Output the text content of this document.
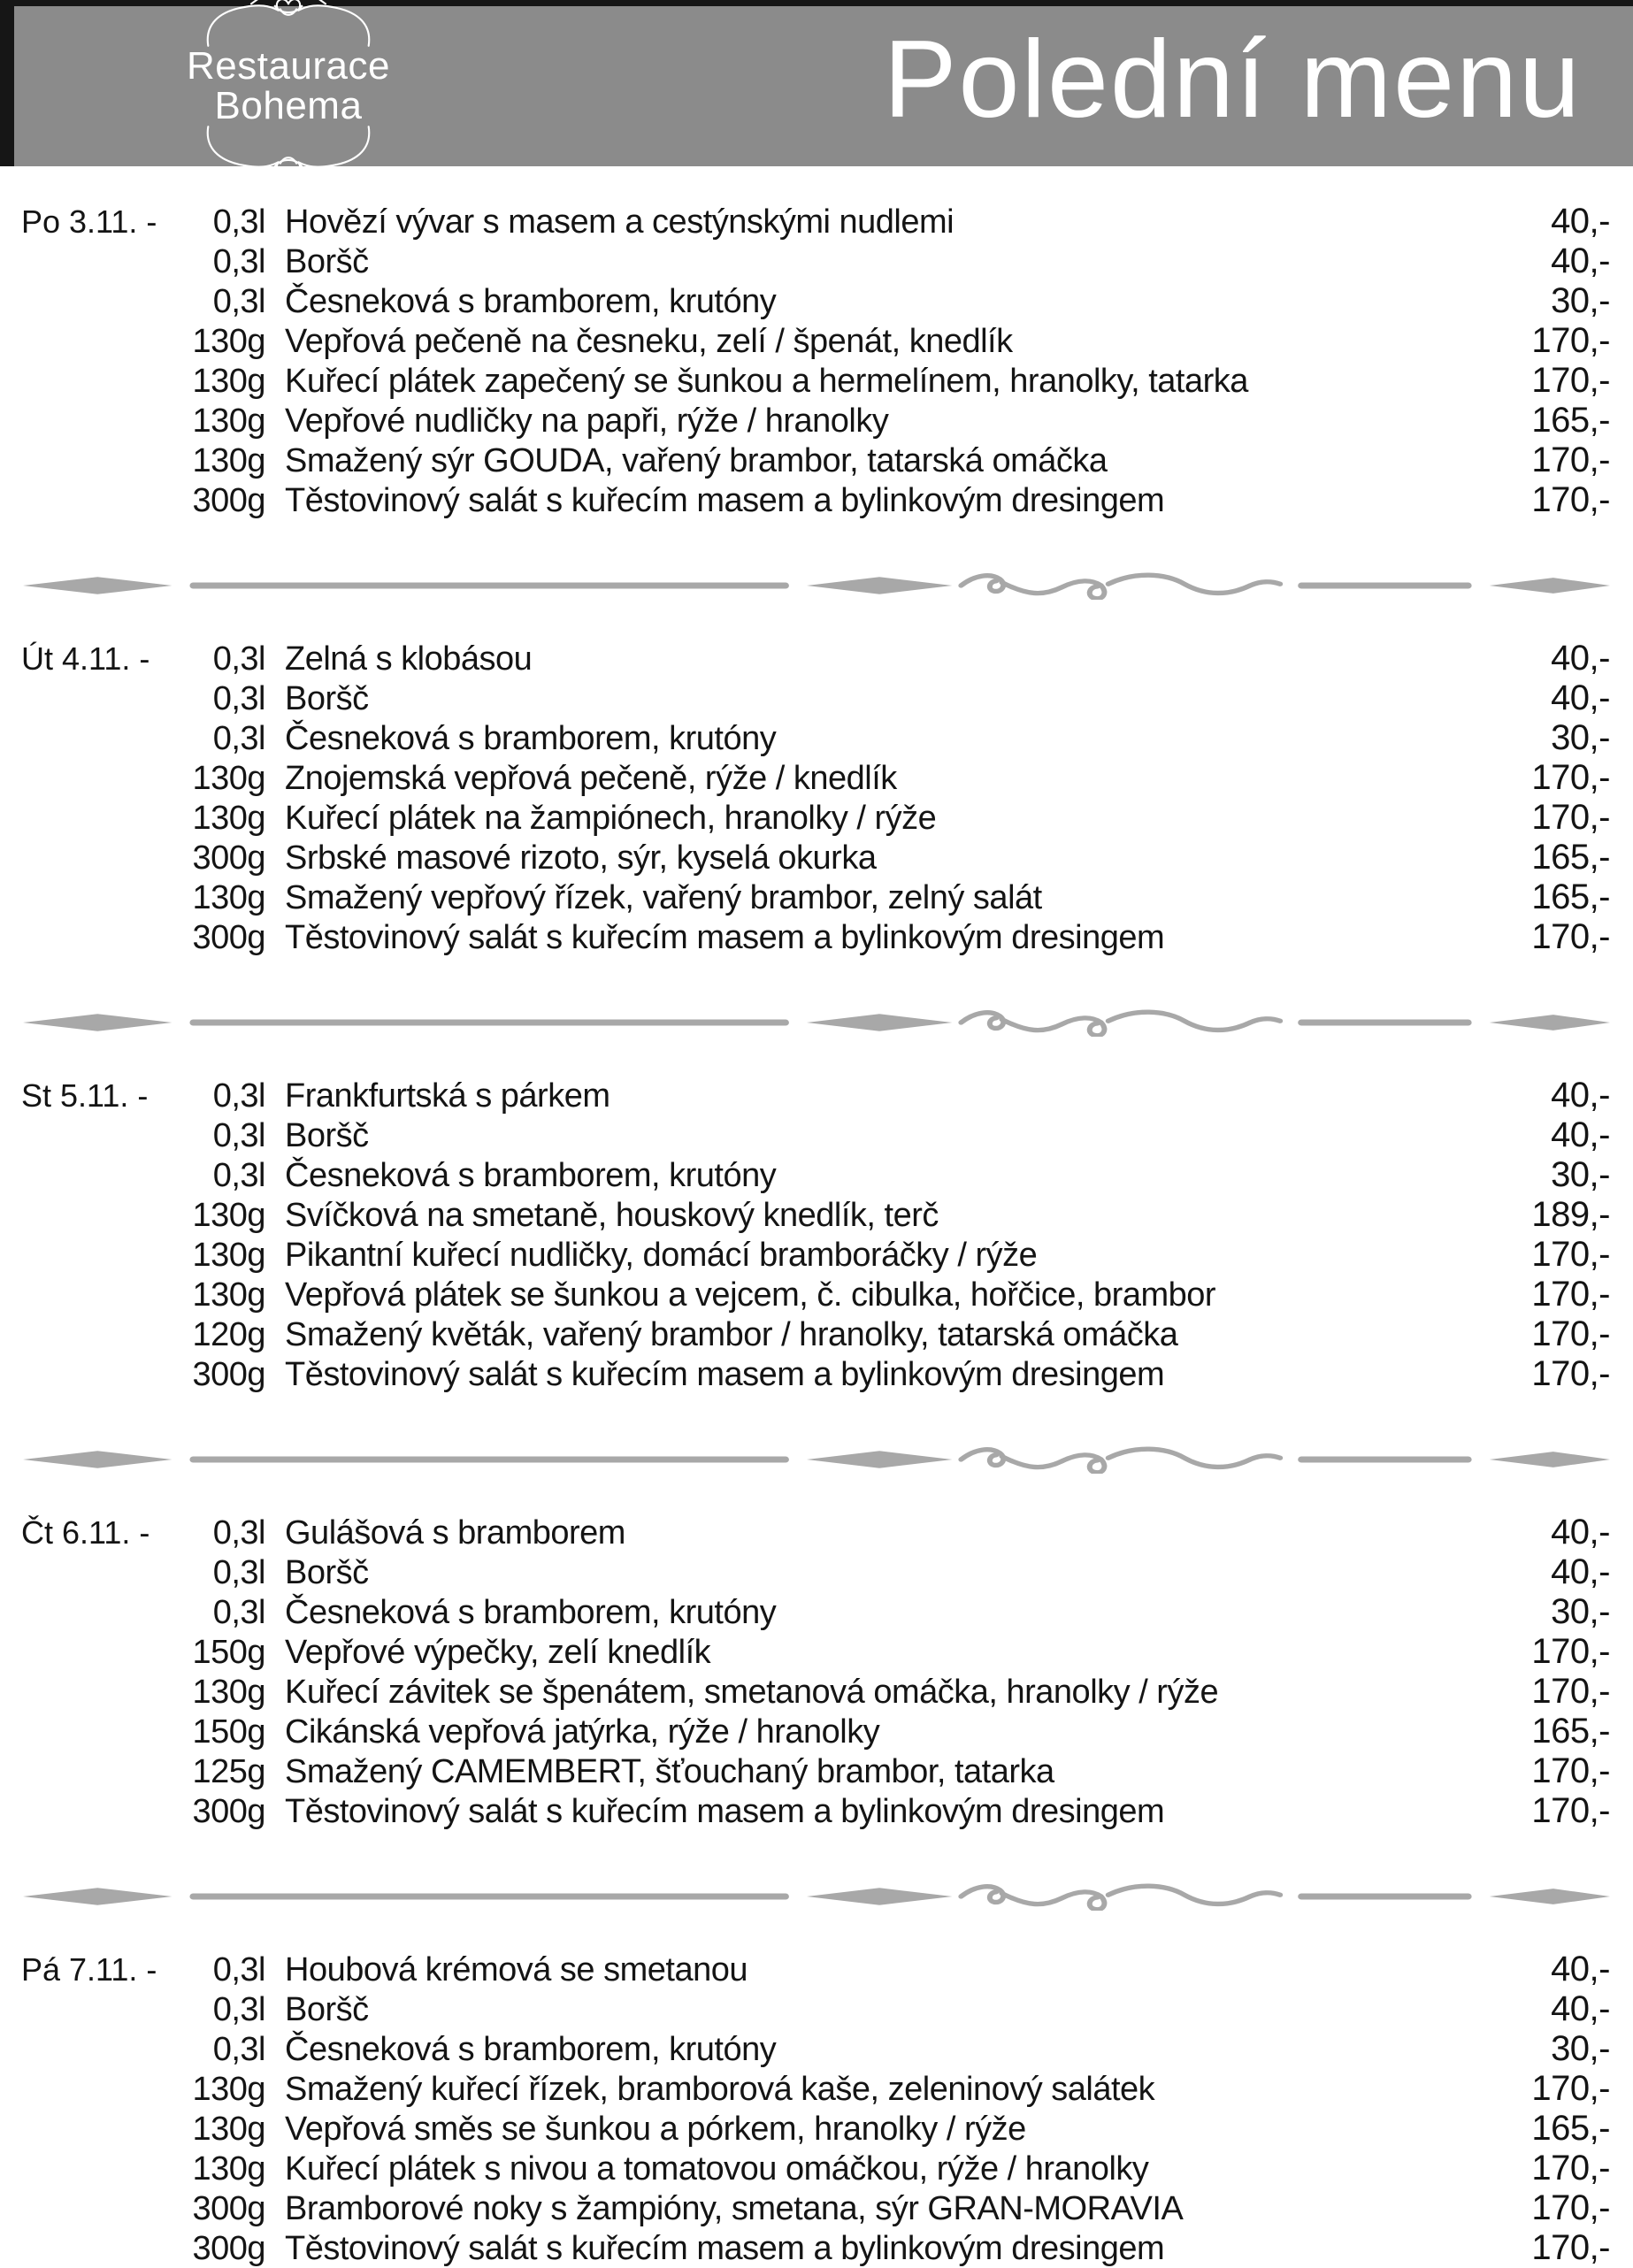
Restaurace
Bohema	Polední menu
Po 3.11. -	0,3l Hovězí vývar s masem a cestýnskými nudlemi	40,-
0,3l Boršč	40,-
0,3l Česneková s bramborem, krutóny	30,-
130g Vepřová pečeně na česneku, zelí / špenát, knedlík	170,-
130g Kuřecí plátek zapečený se šunkou a hermelínem, hranolky, tatarka	170,-
130g Vepřové nudličky na papři, rýže / hranolky	165,-
130g Smažený sýr GOUDA, vařený brambor, tatarská omáčka	170,-
300g Těstovinový salát s kuřecím masem a bylinkovým dresingem	170,-
Út 4.11. -	0,3l Zelná s klobásou	40,-
0,3l Boršč	40,-
0,3l Česneková s bramborem, krutóny	30,-
130g Znojemská vepřová pečeně, rýže / knedlík	170,-
130g Kuřecí plátek na žampiónech, hranolky / rýže	170,-
300g Srbské masové rizoto, sýr, kyselá okurka	165,-
130g Smažený vepřový řízek, vařený brambor, zelný salát	165,-
300g Těstovinový salát s kuřecím masem a bylinkovým dresingem	170,-
St 5.11. -	0,3l Frankfurtská s párkem	40,-
0,3l Boršč	40,-
0,3l Česneková s bramborem, krutóny	30,-
130g Svíčková na smetaně, houskový knedlík, terč	189,-
130g Pikantní kuřecí nudličky, domácí bramboráčky / rýže	170,-
130g Vepřová plátek se šunkou a vejcem, č. cibulka, hořčice, brambor	170,-
120g Smažený květák, vařený brambor / hranolky, tatarská omáčka	170,-
300g Těstovinový salát s kuřecím masem a bylinkovým dresingem	170,-
Čt 6.11. -	0,3l Gulášová s bramborem	40,-
0,3l Boršč	40,-
0,3l Česneková s bramborem, krutóny	30,-
150g Vepřové výpečky, zelí knedlík	170,-
130g Kuřecí závitek se špenátem, smetanová omáčka, hranolky / rýže	170,-
150g Cikánská vepřová jatýrka, rýže / hranolky	165,-
125g Smažený CAMEMBERT, šťouchaný brambor, tatarka	170,-
300g Těstovinový salát s kuřecím masem a bylinkovým dresingem	170,-
Pá 7.11. -	0,3l Houbová krémová se smetanou	40,-
0,3l Boršč	40,-
0,3l Česneková s bramborem, krutóny	30,-
130g Smažený kuřecí řízek, bramborová kaše, zeleninový salátek	170,-
130g Vepřová směs se šunkou a pórkem, hranolky / rýže	165,-
130g Kuřecí plátek s nivou a tomatovou omáčkou, rýže / hranolky	170,-
300g Bramborové noky s žampióny, smetana, sýr GRAN-MORAVIA	170,-
300g Těstovinový salát s kuřecím masem a bylinkovým dresingem	170,-
